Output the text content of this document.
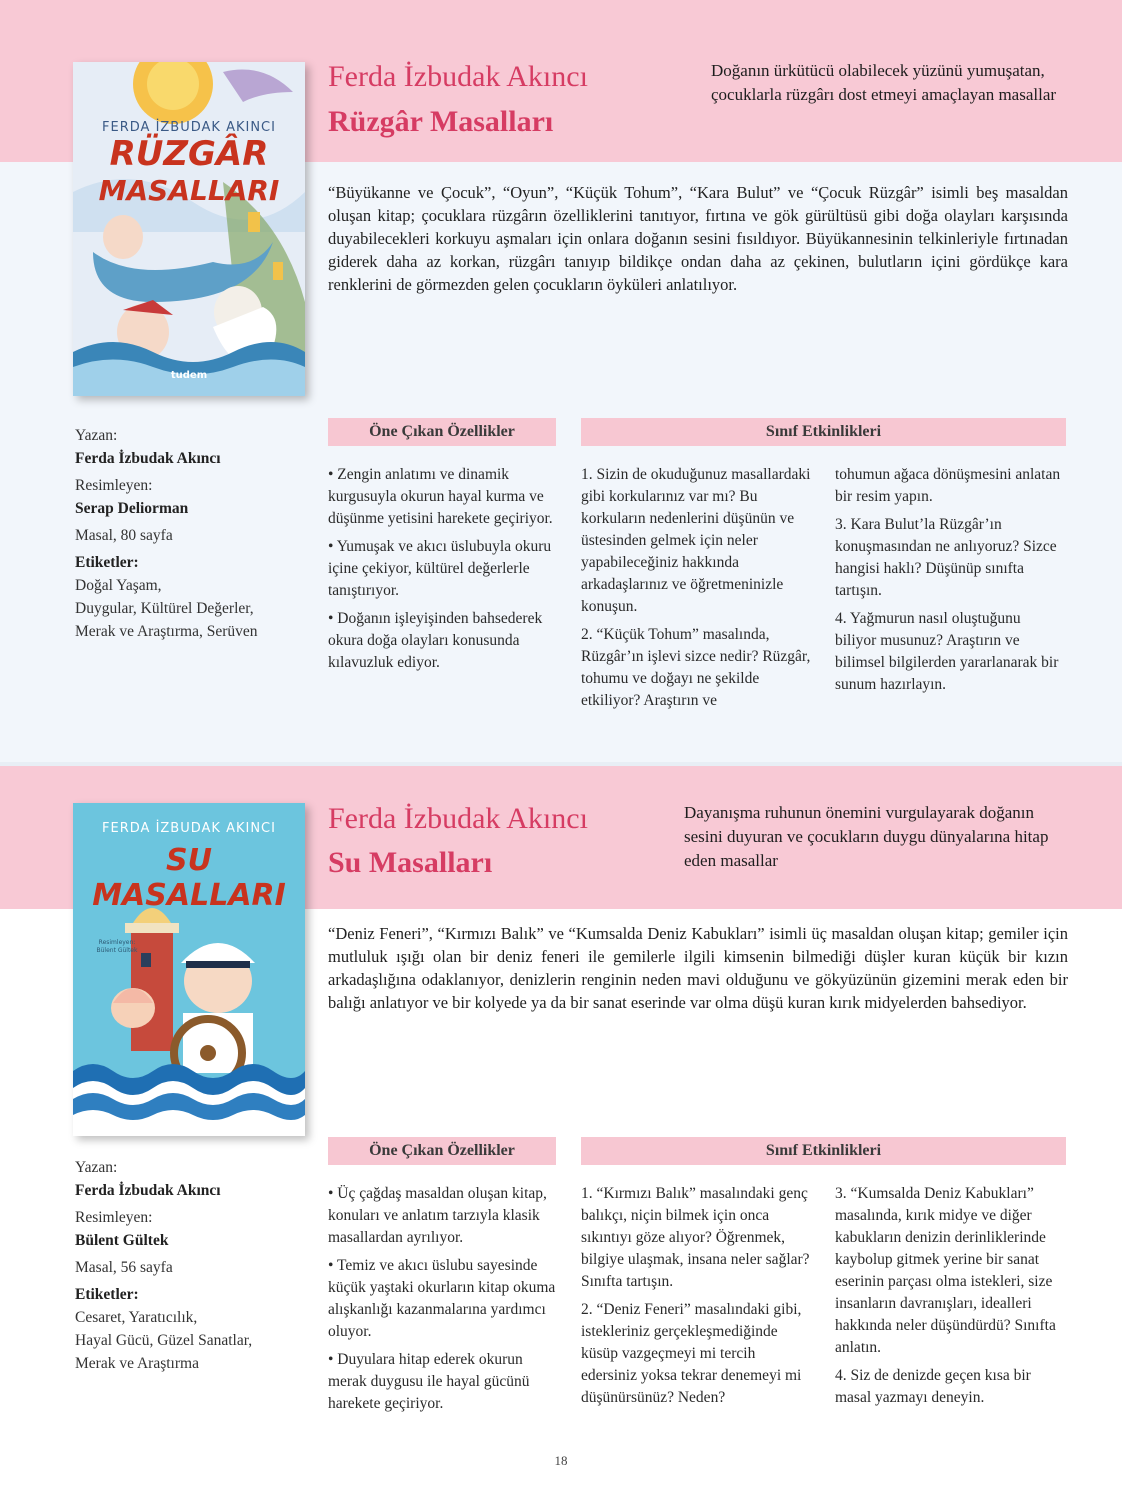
FERDA İZBUDAK AKINCI
RÜZGÂR
MASALLARI
tudem
Ferda İzbudak Akıncı
Rüzgâr Masalları
Doğanın ürkütücü olabilecek yüzünü yumuşatan, çocuklarla rüzgârı dost etmeyi amaçlayan masallar
“Büyükanne ve Çocuk”, “Oyun”, “Küçük Tohum”, “Kara Bulut” ve “Çocuk Rüzgâr” isimli beş masaldan oluşan kitap; çocuklara rüzgârın özelliklerini tanıtıyor, fırtına ve gök gürültüsü gibi doğa olayları karşısında duyabilecekleri korkuyu aşmaları için onlara doğanın sesini fısıldıyor. Büyükannesinin telkinleriyle fırtınadan giderek daha az korkan, rüzgârı tanıyıp bildikçe ondan daha az çekinen, bulutların içini gördükçe kara renklerini de görmezden gelen çocukların öyküleri anlatılıyor.
Yazan:
Ferda İzbudak Akıncı
Resimleyen:
Serap Deliorman
Masal, 80 sayfa
Etiketler:
Doğal Yaşam,
Duygular, Kültürel Değerler,
Merak ve Araştırma, Serüven
Öne Çıkan Özellikler	Sınıf Etkinlikleri

• Zengin anlatımı ve dinamik kurgusuyla okurun hayal kurma ve düşünme yetisini harekete geçiriyor.

• Yumuşak ve akıcı üslubuyla okuru içine çekiyor, kültürel değerlerle tanıştırıyor.

• Doğanın işleyişinden bahsederek okura doğa olayları konusunda kılavuzluk ediyor.

1. Sizin de okuduğunuz masallardaki gibi korkularınız var mı? Bu korkuların nedenlerini düşünün ve üstesinden gelmek için neler yapabileceğiniz hakkında arkadaşlarınız ve öğretmeninizle konuşun.

2. “Küçük Tohum” masalında, Rüzgâr’ın işlevi sizce nedir? Rüzgâr, tohumu ve doğayı ne şekilde etkiliyor? Araştırın ve

tohumun ağaca dönüşmesini anlatan bir resim yapın.

3. Kara Bulut’la Rüzgâr’ın konuşmasından ne anlıyoruz? Sizce hangisi haklı? Düşünüp sınıfta tartışın.

4. Yağmurun nasıl oluştuğunu biliyor musunuz? Araştırın ve bilimsel bilgilerden yararlanarak bir sunum hazırlayın.

FERDA İZBUDAK AKINCI
SU MASALLARI
Resimleyen:
Bülent Gültek
tudem
Ferda İzbudak Akıncı
Su Masalları
Dayanışma ruhunun önemini vurgulayarak doğanın sesini duyuran ve çocukların duygu dünyalarına hitap eden masallar
“Deniz Feneri”, “Kırmızı Balık” ve “Kumsalda Deniz Kabukları” isimli üç masaldan oluşan kitap; gemiler için mutluluk ışığı olan bir deniz feneri ile gemilerle ilgili kimsenin bilmediği düşler kuran küçük bir kızın arkadaşlığına odaklanıyor, denizlerin renginin neden mavi olduğunu ve gökyüzünün gizemini merak eden bir balığı anlatıyor ve bir kolyede ya da bir sanat eserinde var olma düşü kuran kırık midyelerden bahsediyor.
Yazan:
Ferda İzbudak Akıncı
Resimleyen:
Bülent Gültek
Masal, 56 sayfa
Etiketler:
Cesaret, Yaratıcılık,
Hayal Gücü, Güzel Sanatlar,
Merak ve Araştırma
Öne Çıkan Özellikler	Sınıf Etkinlikleri

• Üç çağdaş masaldan oluşan kitap, konuları ve anlatım tarzıyla klasik masallardan ayrılıyor.

• Temiz ve akıcı üslubu sayesinde küçük yaştaki okurların kitap okuma alışkanlığı kazanmalarına yardımcı oluyor.

• Duyulara hitap ederek okurun merak duygusu ile hayal gücünü harekete geçiriyor.

1. “Kırmızı Balık” masalındaki genç balıkçı, niçin bilmek için onca sıkıntıyı göze alıyor? Öğrenmek, bilgiye ulaşmak, insana neler sağlar? Sınıfta tartışın.

2. “Deniz Feneri” masalındaki gibi, istekleriniz gerçekleşmediğinde küsüp vazgeçmeyi mi tercih edersiniz yoksa tekrar denemeyi mi düşünürsünüz? Neden?

3. “Kumsalda Deniz Kabukları” masalında, kırık midye ve diğer kabukların denizin derinliklerinde kaybolup gitmek yerine bir sanat eserinin parçası olma istekleri, size insanların davranışları, idealleri hakkında neler düşündürdü? Sınıfta anlatın.

4. Siz de denizde geçen kısa bir masal yazmayı deneyin.

18
